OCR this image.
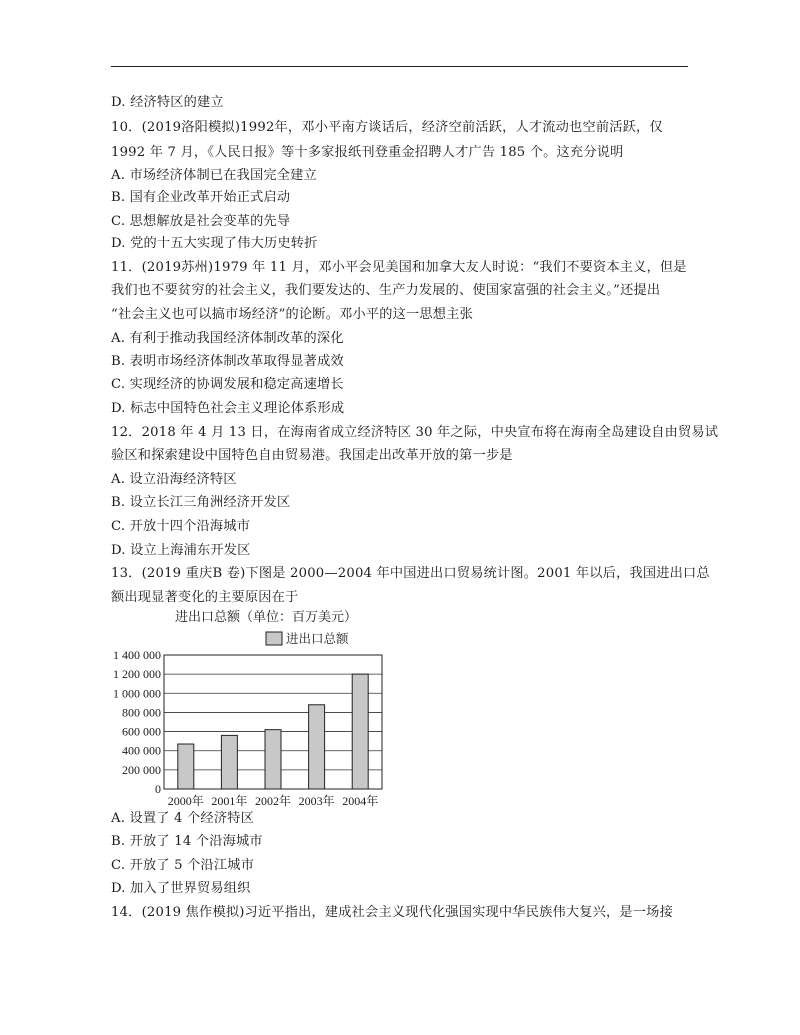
D. 经济特区的建立
10．(2019洛阳模拟)1992年，邓小平南方谈话后，经济空前活跃，人才流动也空前活跃，仅
1992 年 7 月，《人民日报》等十多家报纸刊登重金招聘人才广告 185 个。这充分说明
A. 市场经济体制已在我国完全建立
B. 国有企业改革开始正式启动
C. 思想解放是社会变革的先导
D. 党的十五大实现了伟大历史转折
11．(2019苏州)1979 年 11 月，邓小平会见美国和加拿大友人时说：“我们不要资本主义，但是
我们也不要贫穷的社会主义，我们要发达的、生产力发展的、使国家富强的社会主义。”还提出
“社会主义也可以搞市场经济”的论断。邓小平的这一思想主张
A. 有利于推动我国经济体制改革的深化
B. 表明市场经济体制改革取得显著成效
C. 实现经济的协调发展和稳定高速增长
D. 标志中国特色社会主义理论体系形成
12．2018 年 4 月 13 日，在海南省成立经济特区 30 年之际，中央宣布将在海南全岛建设自由贸易试
验区和探索建设中国特色自由贸易港。我国走出改革开放的第一步是
A. 设立沿海经济特区
B. 设立长江三角洲经济开发区
C. 开放十四个沿海城市
D. 设立上海浦东开发区
13．(2019 重庆B 卷)下图是 2000—2004 年中国进出口贸易统计图。2001 年以后，我国进出口总
额出现显著变化的主要原因在于
进出口总额（单位：百万美元）
进出口总额
0
200 000
400 000
600 000
800 000
1 000 000
1 200 000
1 400 000
2000年 2001年 2002年 2003年 2004年
A. 设置了 4 个经济特区
B. 开放了 14 个沿海城市
C. 开放了 5 个沿江城市
D. 加入了世界贸易组织
14．(2019 焦作模拟)习近平指出，建成社会主义现代化强国实现中华民族伟大复兴，是一场接
